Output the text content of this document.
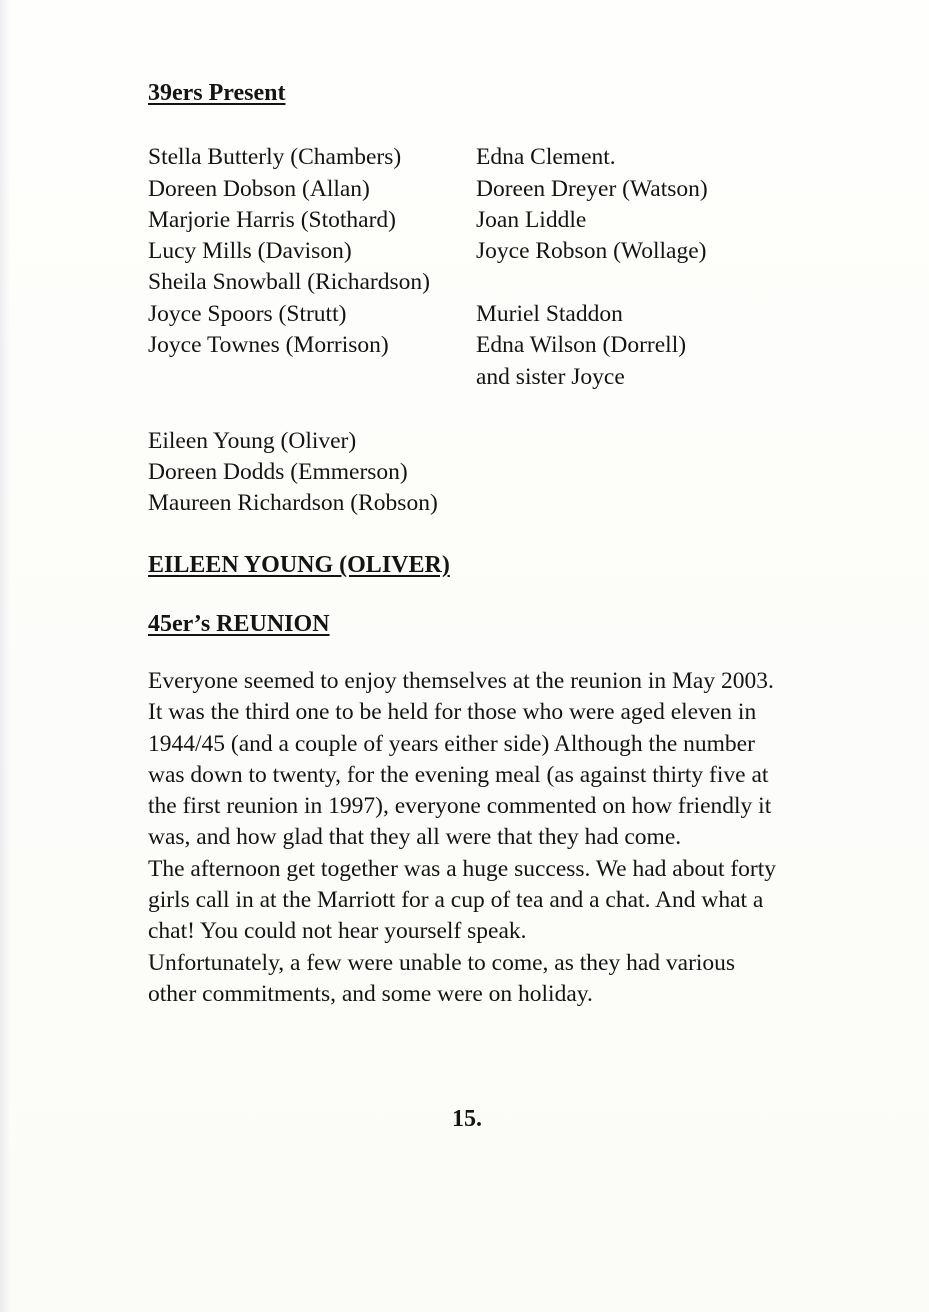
39ers Present
Stella Butterly (Chambers)	Edna Clement.
Doreen Dobson (Allan)	Doreen Dreyer (Watson)
Marjorie Harris (Stothard)	Joan Liddle
Lucy Mills (Davison)	Joyce Robson (Wollage)
Sheila Snowball (Richardson)
Joyce Spoors (Strutt)	Muriel Staddon
Joyce Townes (Morrison)	Edna Wilson (Dorrell)
and sister Joyce
Eileen Young (Oliver)
Doreen Dodds (Emmerson)
Maureen Richardson (Robson)
EILEEN YOUNG (OLIVER)
45er’s REUNION

Everyone seemed to enjoy themselves at the reunion in May 2003. It was the third one to be held for those who were aged eleven in 1944/45 (and a couple of years either side) Although the number was down to twenty, for the evening meal (as against thirty five at the first reunion in 1997), everyone commented on how friendly it was, and how glad that they all were that they had come.

The afternoon get together was a huge success. We had about forty girls call in at the Marriott for a cup of tea and a chat. And what a chat! You could not hear yourself speak.

Unfortunately, a few were unable to come, as they had various other commitments, and some were on holiday.

15.
